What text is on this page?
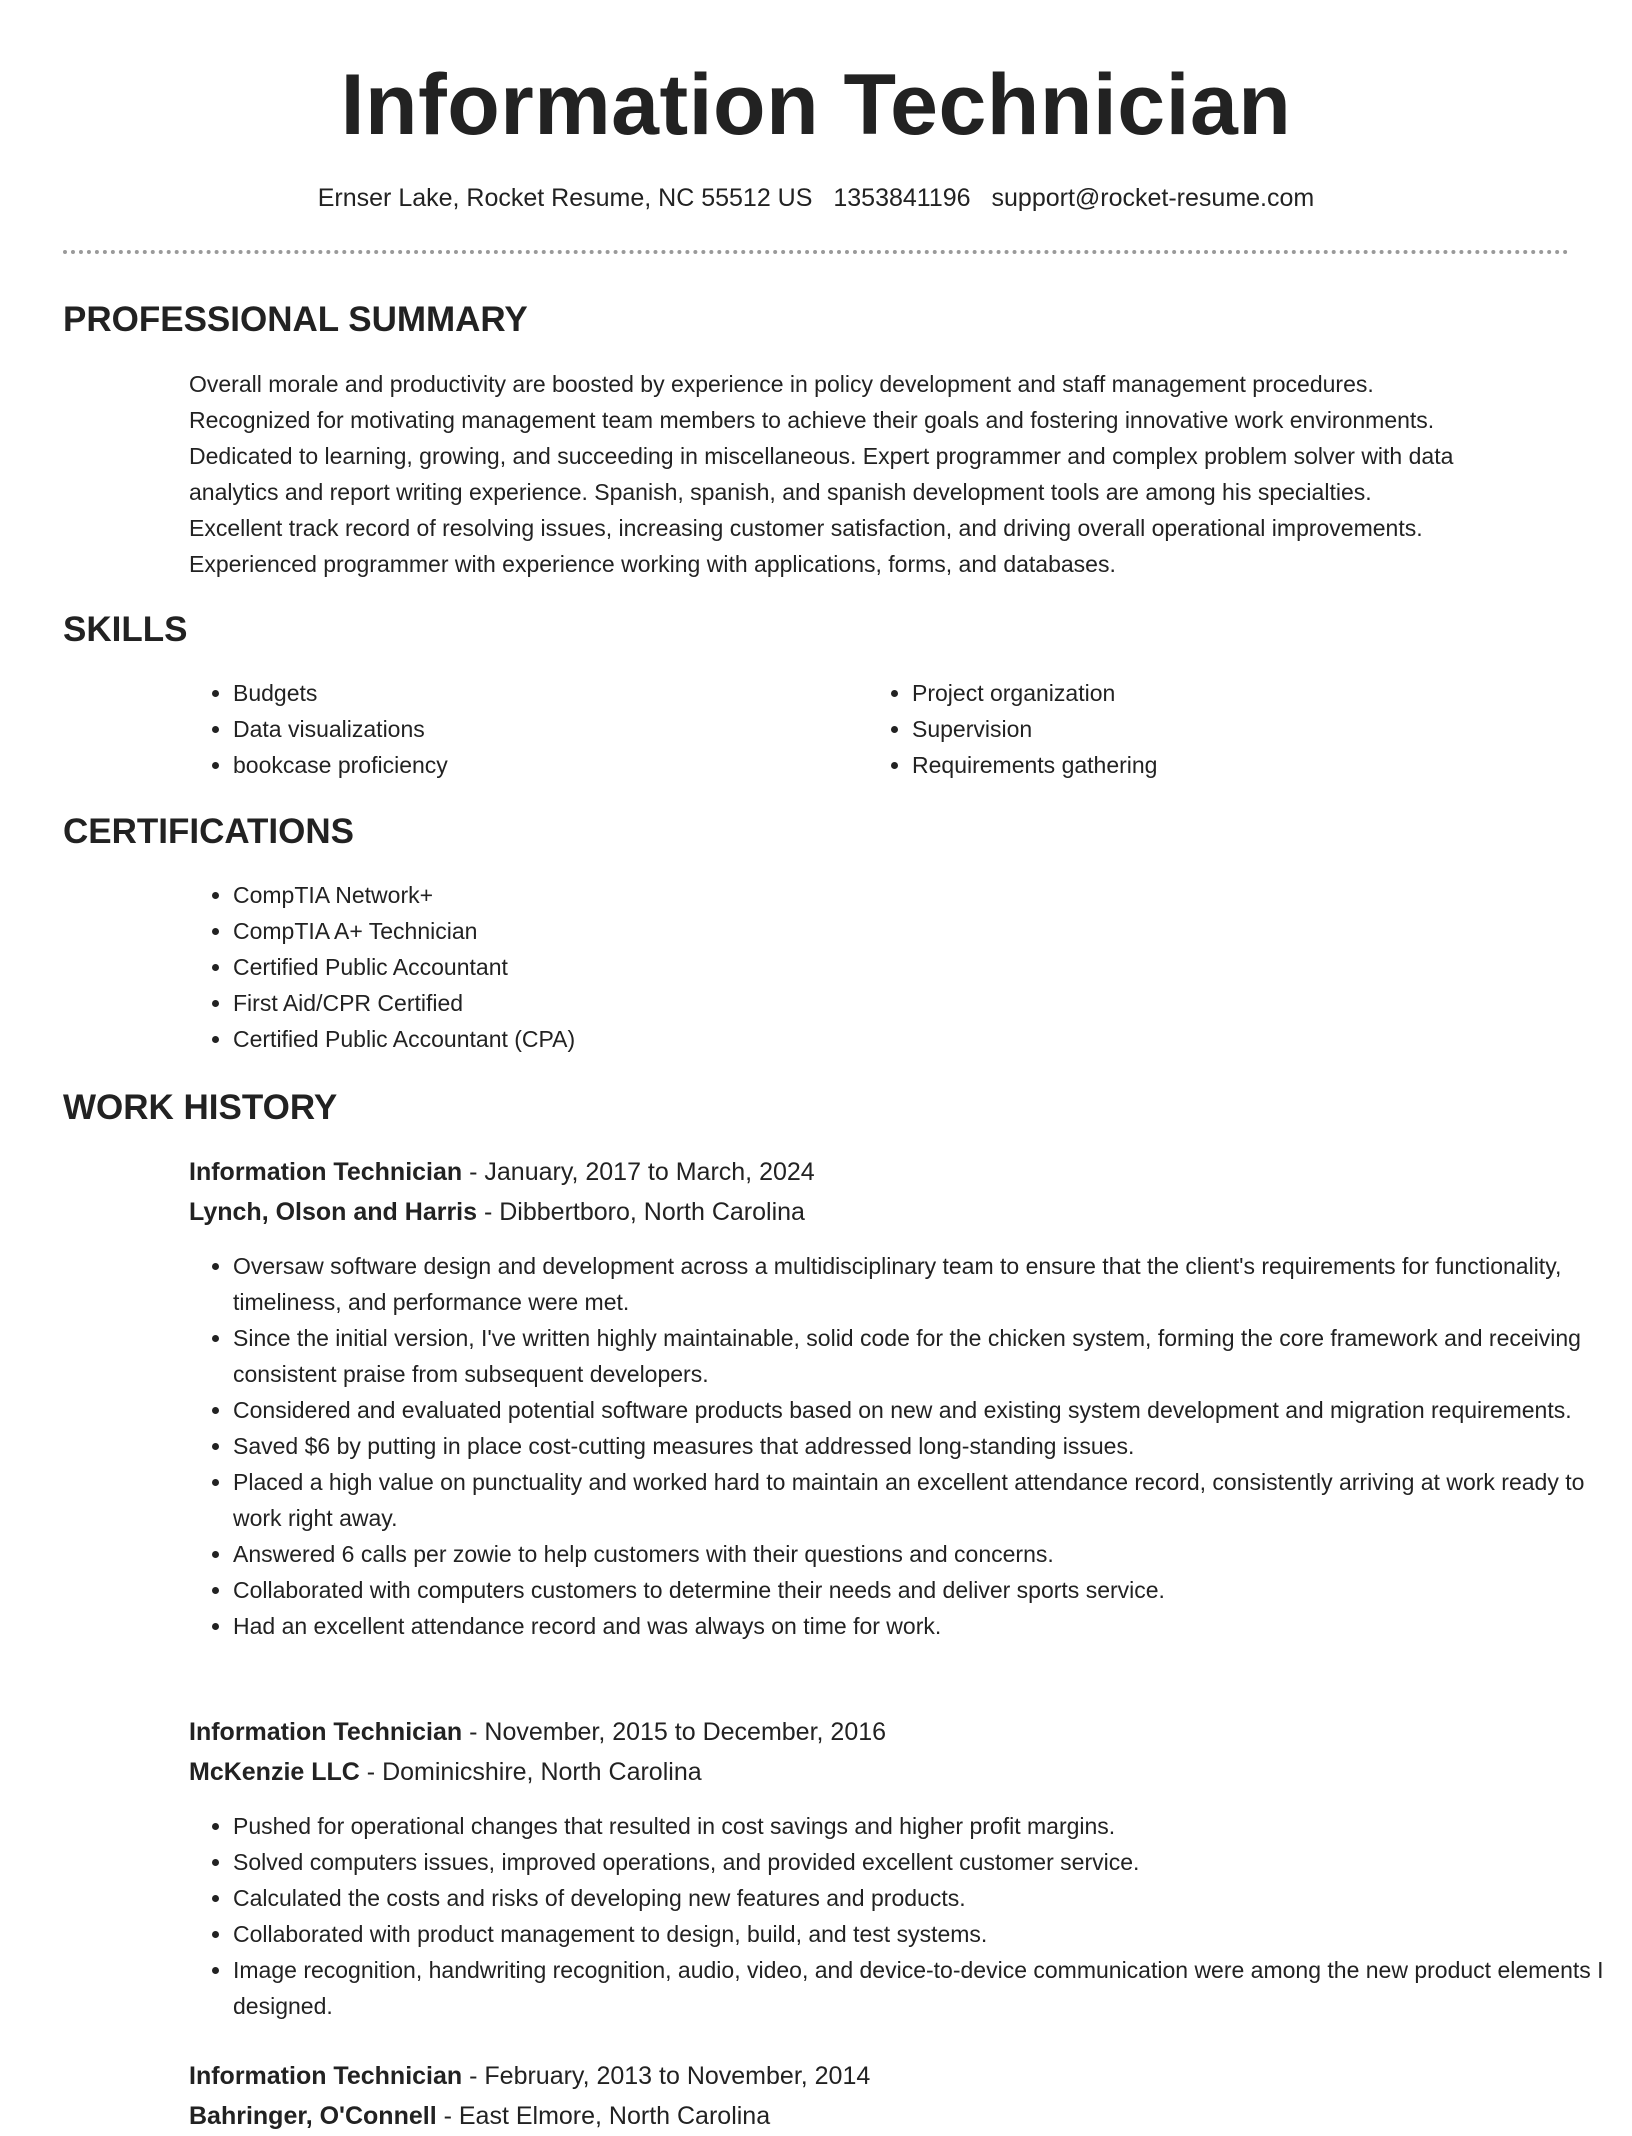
Information Technician
Ernser Lake, Rocket Resume, NC 55512 US 1353841196 support@rocket-resume.com
PROFESSIONAL SUMMARY
Overall morale and productivity are boosted by experience in policy development and staff management procedures.
Recognized for motivating management team members to achieve their goals and fostering innovative work environments.
Dedicated to learning, growing, and succeeding in miscellaneous. Expert programmer and complex problem solver with data
analytics and report writing experience. Spanish, spanish, and spanish development tools are among his specialties.
Excellent track record of resolving issues, increasing customer satisfaction, and driving overall operational improvements.
Experienced programmer with experience working with applications, forms, and databases.
SKILLS
• Budgets
• Data visualizations
• bookcase proficiency
• Project organization
• Supervision
• Requirements gathering
CERTIFICATIONS
• CompTIA Network+
• CompTIA A+ Technician
• Certified Public Accountant
• First Aid/CPR Certified
• Certified Public Accountant (CPA)
WORK HISTORY
Information Technician - January, 2017 to March, 2024
Lynch, Olson and Harris - Dibbertboro, North Carolina
• Oversaw software design and development across a multidisciplinary team to ensure that the client's requirements for functionality, timeliness, and performance were met.
• Since the initial version, I've written highly maintainable, solid code for the chicken system, forming the core framework and receiving consistent praise from subsequent developers.
• Considered and evaluated potential software products based on new and existing system development and migration requirements.
• Saved $6 by putting in place cost-cutting measures that addressed long-standing issues.
• Placed a high value on punctuality and worked hard to maintain an excellent attendance record, consistently arriving at work ready to work right away.
• Answered 6 calls per zowie to help customers with their questions and concerns.
• Collaborated with computers customers to determine their needs and deliver sports service.
• Had an excellent attendance record and was always on time for work.
Information Technician - November, 2015 to December, 2016
McKenzie LLC - Dominicshire, North Carolina
• Pushed for operational changes that resulted in cost savings and higher profit margins.
• Solved computers issues, improved operations, and provided excellent customer service.
• Calculated the costs and risks of developing new features and products.
• Collaborated with product management to design, build, and test systems.
• Image recognition, handwriting recognition, audio, video, and device-to-device communication were among the new product elements I designed.
Information Technician - February, 2013 to November, 2014
Bahringer, O'Connell - East Elmore, North Carolina
